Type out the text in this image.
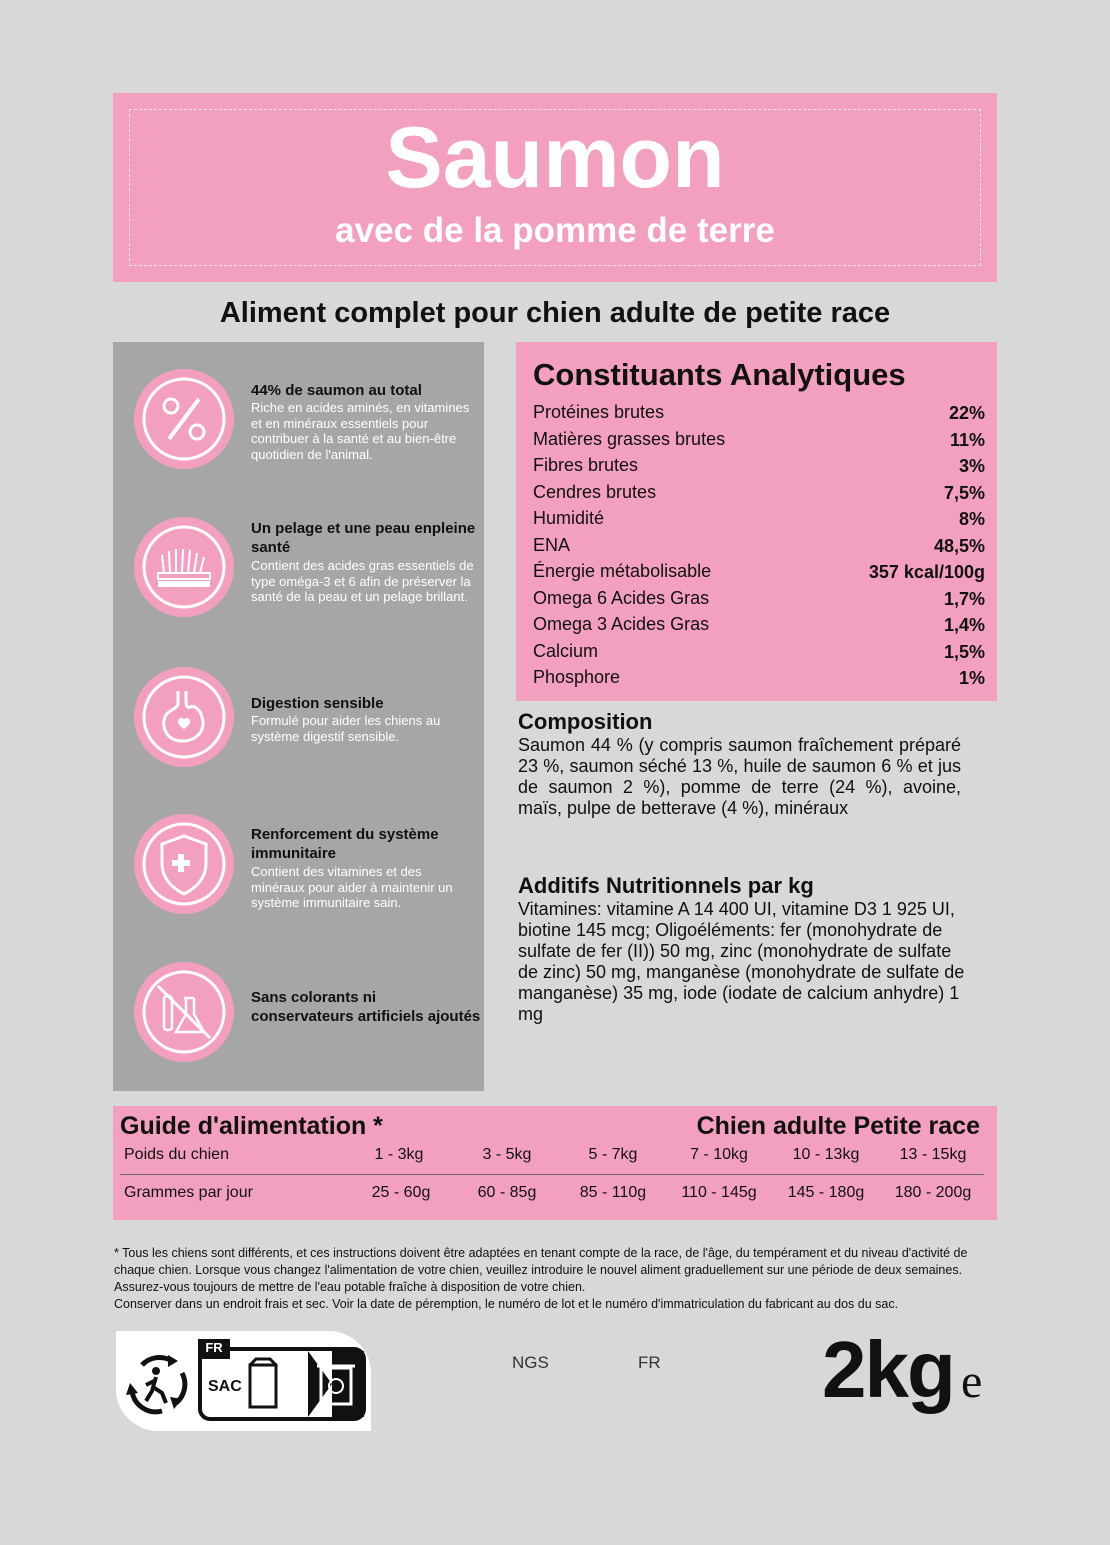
Saumon
avec de la pomme de terre
Aliment complet pour chien adulte de petite race
44% de saumon au total
Riche en acides aminés, en vitamines et en minéraux essentiels pour contribuer à la santé et au bien-être quotidien de l'animal.
Un pelage et une peau enpleine santé
Contient des acides gras essentiels de type oméga-3 et 6 afin de préserver la santé de la peau et un pelage brillant.
Digestion sensible
Formulé pour aider les chiens au système digestif sensible.
Renforcement du système immunitaire
Contient des vitamines et des minéraux pour aider à maintenir un système immunitaire sain.
Sans colorants ni conservateurs artificiels ajoutés
Constituants Analytiques
Protéines brutes	22%
Matières grasses brutes	11%
Fibres brutes	3%
Cendres brutes	7,5%
Humidité	8%
ENA	48,5%
Énergie métabolisable	357 kcal/100g
Omega 6 Acides Gras	1,7%
Omega 3 Acides Gras	1,4%
Calcium	1,5%
Phosphore	1%
Composition
Saumon 44 % (y compris saumon fraîchement préparé 23 %, saumon séché 13 %, huile de saumon 6 % et jus de saumon 2 %), pomme de terre (24 %), avoine, maïs, pulpe de betterave (4 %), minéraux
Additifs Nutritionnels par kg
Vitamines: vitamine A 14 400 UI, vitamine D3 1 925 UI, biotine 145 mcg; Oligoéléments: fer (monohydrate de sulfate de fer (II)) 50 mg, zinc (monohydrate de sulfate de zinc) 50 mg, manganèse (monohydrate de sulfate de manganèse) 35 mg, iode (iodate de calcium anhydre) 1 mg
Guide d'alimentation *	Chien adulte Petite race
Poids du chien	1 - 3kg	3 - 5kg	5 - 7kg	7 - 10kg	10 - 13kg	13 - 15kg
Grammes par jour	25 - 60g	60 - 85g	85 - 110g	110 - 145g	145 - 180g	180 - 200g
* Tous les chiens sont différents, et ces instructions doivent être adaptées en tenant compte de la race, de l'âge, du tempérament et du niveau d'activité de chaque chien. Lorsque vous changez l'alimentation de votre chien, veuillez introduire le nouvel aliment graduellement sur une période de deux semaines. Assurez-vous toujours de mettre de l'eau potable fraîche à disposition de votre chien.
Conserver dans un endroit frais et sec. Voir la date de péremption, le numéro de lot et le numéro d'immatriculation du fabricant au dos du sac.
FR
SAC
NGS	FR 2kg e
